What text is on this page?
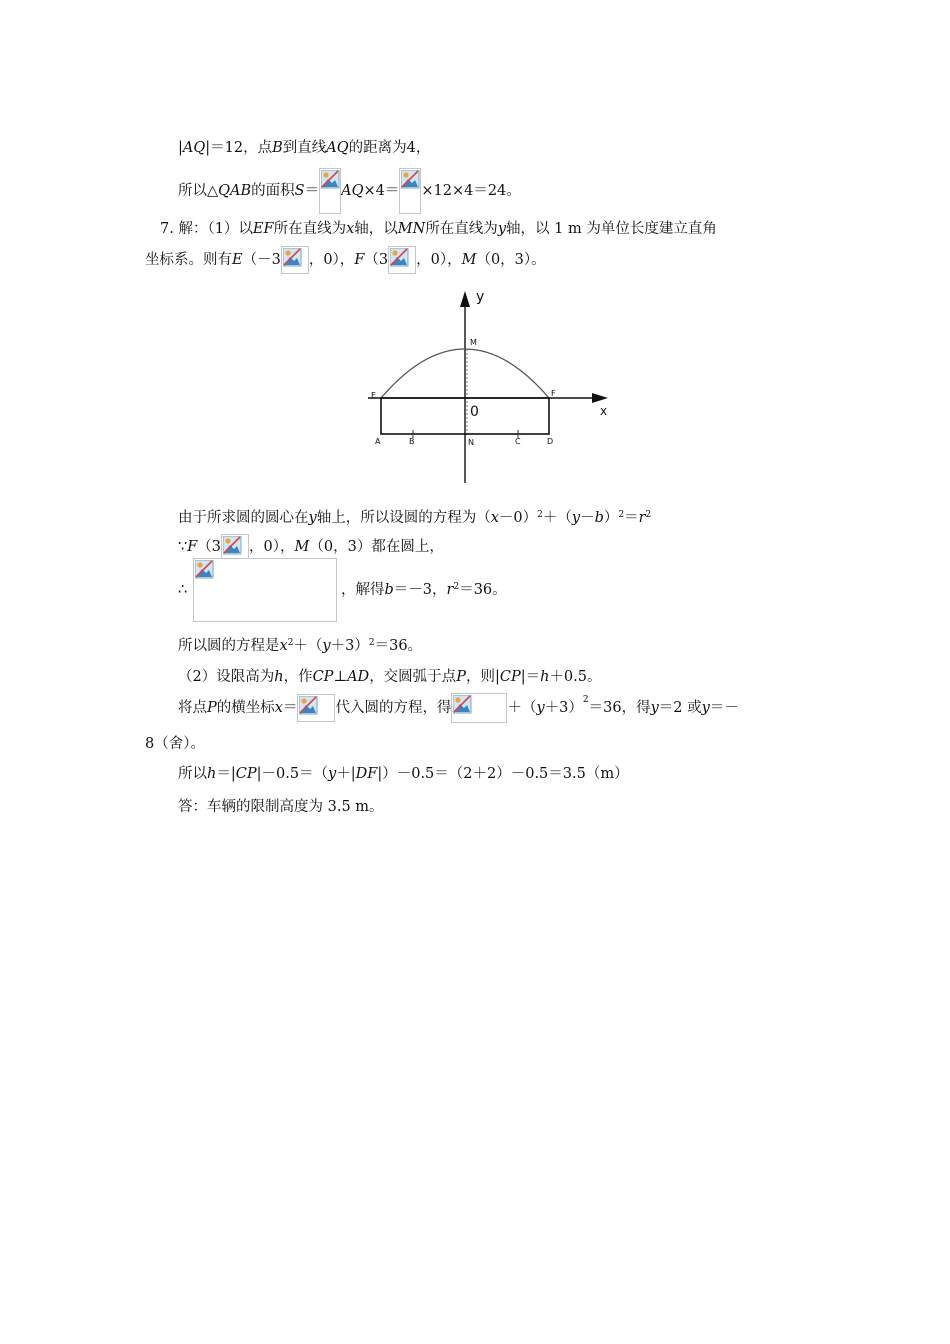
|AQ|＝12，点B到直线AQ的距离为4，
所以△QAB的面积S＝ AQ×4＝ ×12×4＝24。
7. 解：（1）以EF所在直线为x轴，以MN所在直线为y轴，以 1 m 为单位长度建立直角
坐标系。则有E（－3 ，0），F（3 ，0），M（0，3）。
y
x
0
M
E	F
A	B	N	C	D
由于所求圆的圆心在y轴上，所以设圆的方程为$(x-0)^2+(y-b)^2=r^2$
∵F（3 ，0），M（0，3）都在圆上，
∴	，解得b＝－3，$r^2=36$。
所以圆的方程是$x^2+(y+3)^2=36$。
（2）设限高为h，作CP⊥AD，交圆弧于点P，则|CP|＝h＋0.5。
将点P的横坐标x＝	代入圆的方程，得	$+(y+3)^2=36$，得y＝2 或y＝－
8（舍）。
所以h＝|CP|－0.5＝（y＋|DF|）－0.5＝（2＋2）－0.5＝3.5（m）
答：车辆的限制高度为 3.5 m。
